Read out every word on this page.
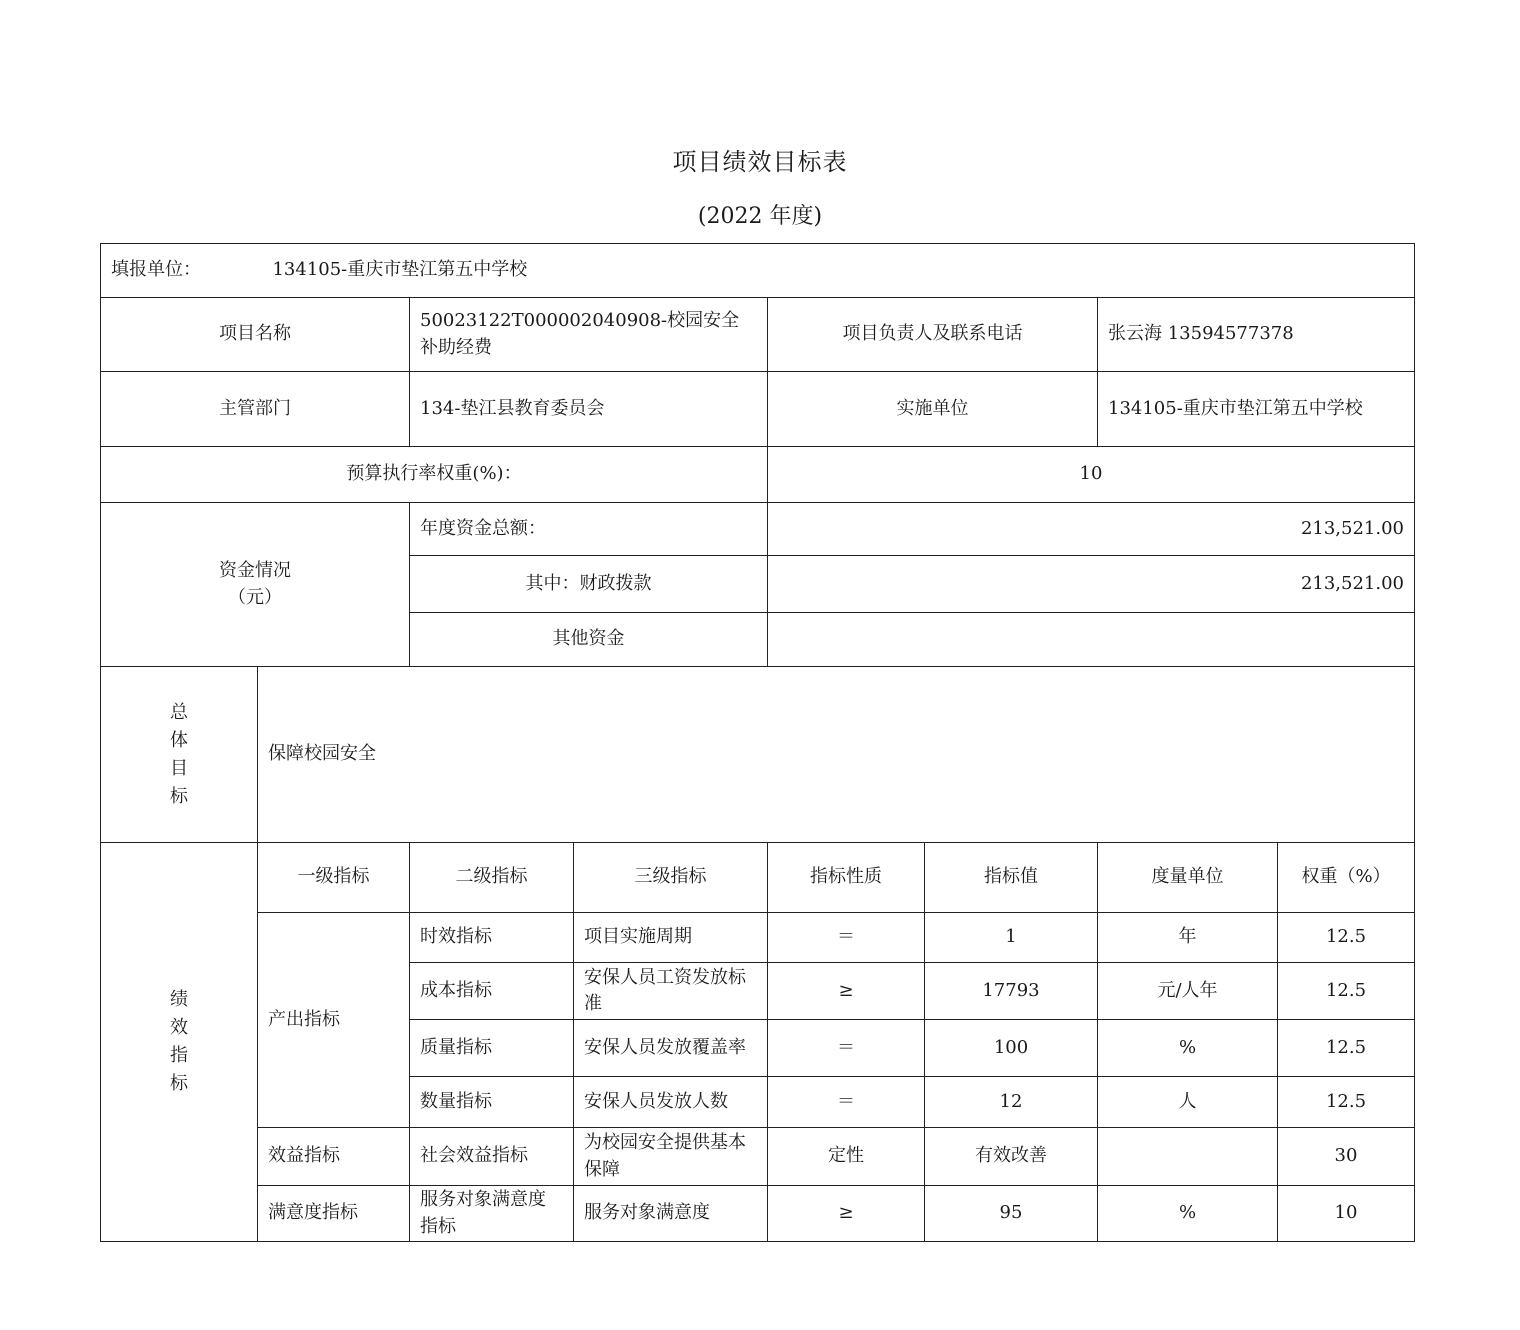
项目绩效目标表
(2022 年度)
填报单位： 134105-重庆市垫江第五中学校							
项目名称		50023122T000002040908-校园安全补助经费		项目负责人及联系电话		张云海 13594577378	
主管部门		134-垫江县教育委员会		实施单位		134105-重庆市垫江第五中学校	
预算执行率权重(%)：				10			

资金情况
（元）		年度资金总额：		213,521.00			
		其中：财政拨款		213,521.00			
		其他资金					

总
体
目
标	保障校园安全						

绩
效
指
标	一级指标	二级指标	三级指标	指标性质	指标值	度量单位	权重（%）
	产出指标	时效指标	项目实施周期	＝	1	年	12.5
		成本指标	安保人员工资发放标准	≥	17793	元/人年	12.5
		质量指标	安保人员发放覆盖率	＝	100	%	12.5
		数量指标	安保人员发放人数	＝	12	人	12.5
	效益指标	社会效益指标	为校园安全提供基本保障	定性	有效改善		30
	满意度指标	服务对象满意度指标	服务对象满意度	≥	95	%	10
